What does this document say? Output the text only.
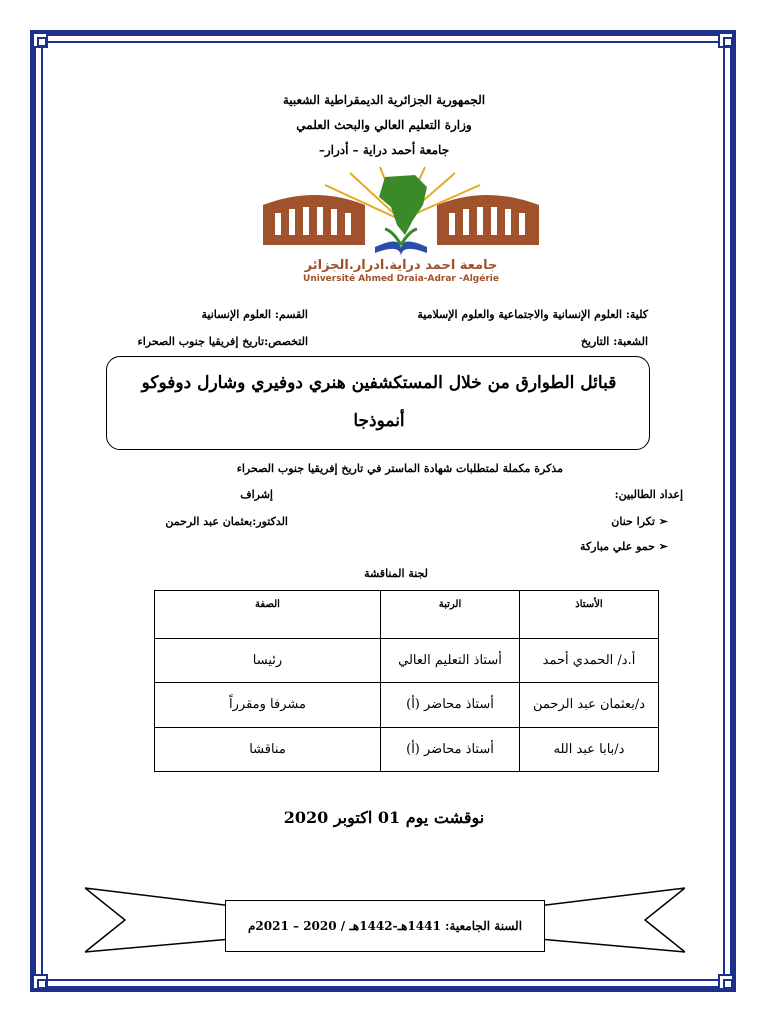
الجمهورية الجزائرية الديمقراطية الشعبية
وزارة التعليم العالي والبحث العلمي
جامعة أحمد دراية – أدرار–
جامعة احمد دراية.ادرار.الجزائر
Université Ahmed Draia-Adrar -Algérie
كلية: العلوم الإنسانية والاجتماعية والعلوم الإسلامية
القسم: العلوم الإنسانية
الشعبة: التاريخ
التخصص:تاريخ إفريقيا جنوب الصحراء
قبائل الطوارق من خلال المستكشفين هنري دوفيري وشارل دوفوكو
أنموذجا
مذكرة مكملة لمتطلبات شهادة الماستر في تاريخ إفريقيا جنوب الصحراء
إعداد الطالبين:
إشراف
➢ تكرا حنان
الدكتور:بعثمان عبد الرحمن
➢ حمو علي مباركة
لجنة المناقشة
الأستاذ	الرتبة	الصفة
أ.د/ الحمدي أحمد	أستاذ التعليم العالي	رئيسا
د/بعثمان عبد الرحمن	أستاذ محاضر (أ)	مشرفا ومقرراً
د/بابا عبد الله	أستاذ محاضر (أ)	مناقشا
نوقشت يوم 01 اكتوبر 2020
السنة الجامعية: 1441هـ-1442هـ / 2020 – 2021م
